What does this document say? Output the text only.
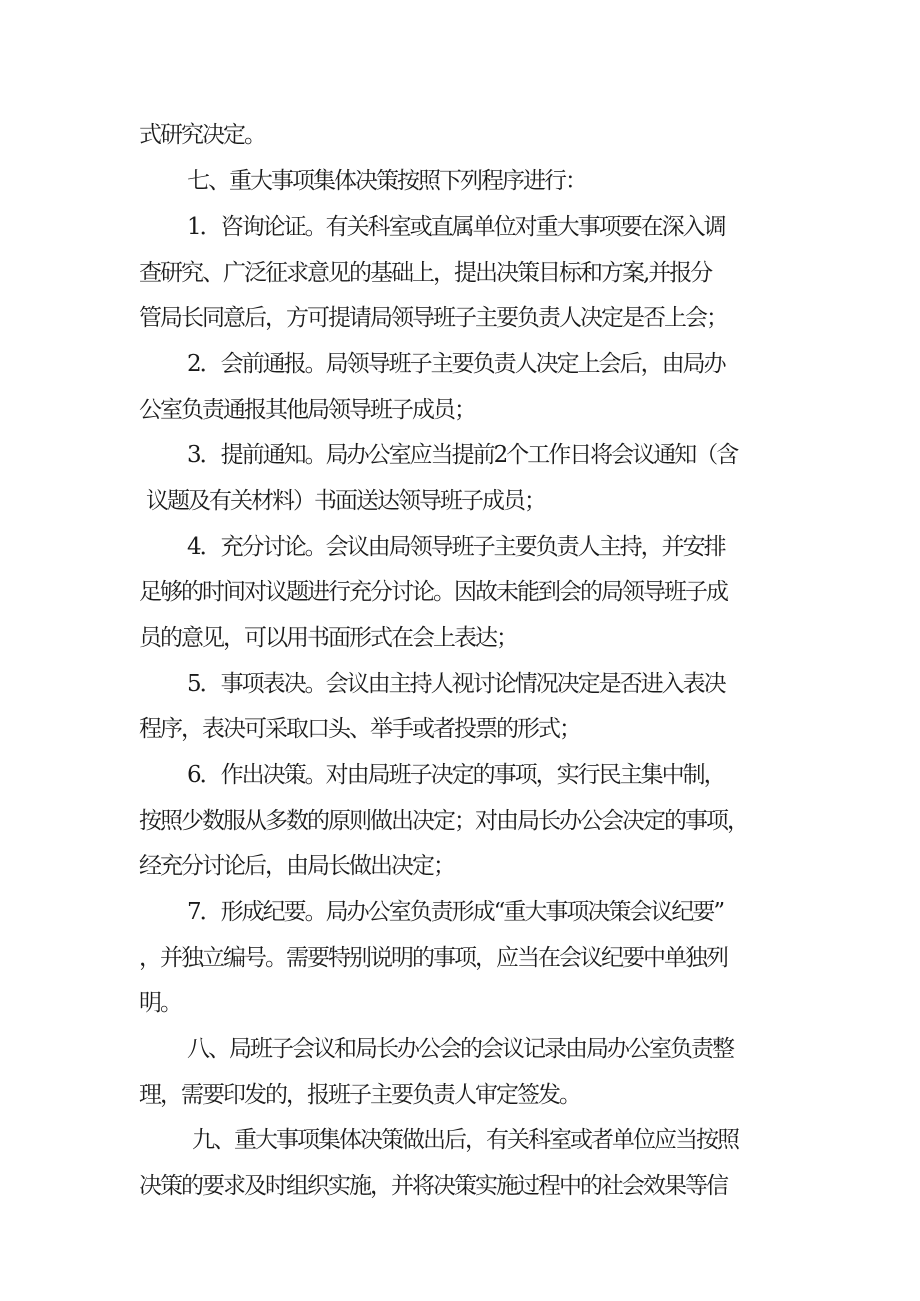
式研究决定。
七、重大事项集体决策按照下列程序进行：
1．咨询论证。有关科室或直属单位对重大事项要在深入调
查研究、广泛征求意见的基础上，提出决策目标和方案,并报分
管局长同意后，方可提请局领导班子主要负责人决定是否上会；
2．会前通报。局领导班子主要负责人决定上会后，由局办
公室负责通报其他局领导班子成员；
3．提前通知。局办公室应当提前2个工作日将会议通知（含
议题及有关材料）书面送达领导班子成员；
4．充分讨论。会议由局领导班子主要负责人主持，并安排
足够的时间对议题进行充分讨论。因故未能到会的局领导班子成
员的意见，可以用书面形式在会上表达；
5．事项表决。会议由主持人视讨论情况决定是否进入表决
程序，表决可采取口头、举手或者投票的形式；
6．作出决策。对由局班子决定的事项，实行民主集中制，
按照少数服从多数的原则做出决定；对由局长办公会决定的事项，
经充分讨论后，由局长做出决定；
7．形成纪要。局办公室负责形成“重大事项决策会议纪要”
，并独立编号。需要特别说明的事项，应当在会议纪要中单独列
明。
八、局班子会议和局长办公会的会议记录由局办公室负责整
理，需要印发的，报班子主要负责人审定签发。
九、重大事项集体决策做出后，有关科室或者单位应当按照
决策的要求及时组织实施，并将决策实施过程中的社会效果等信
